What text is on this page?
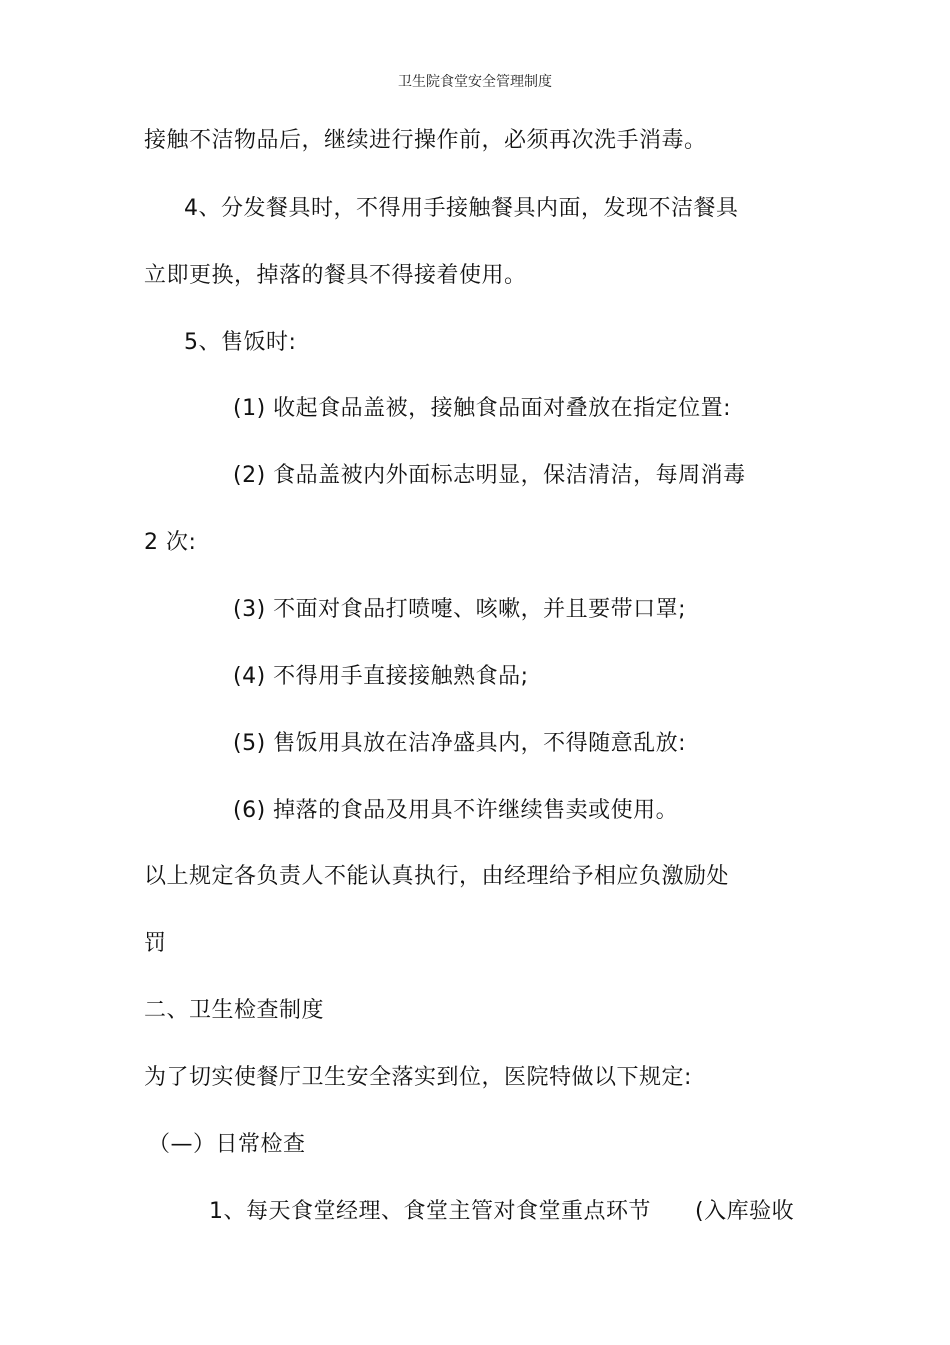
卫生院食堂安全管理制度
接触不洁物品后，继续进行操作前，必须再次洗手消毒。
4、分发餐具时，不得用手接触餐具内面，发现不洁餐具
立即更换，掉落的餐具不得接着使用。
5、售饭时:
(1) 收起食品盖被，接触食品面对叠放在指定位置:
(2) 食品盖被内外面标志明显，保洁清洁，每周消毒
2 次:
(3) 不面对食品打喷嚏、咳嗽，并且要带口罩;
(4) 不得用手直接接触熟食品;
(5) 售饭用具放在洁净盛具内，不得随意乱放:
(6) 掉落的食品及用具不许继续售卖或使用。
以上规定各负责人不能认真执行，由经理给予相应负激励处
罚
二、卫生检查制度
为了切实使餐厅卫生安全落实到位，医院特做以下规定:
（—）日常检查
1、每天食堂经理、食堂主管对食堂重点环节 (入库验收
